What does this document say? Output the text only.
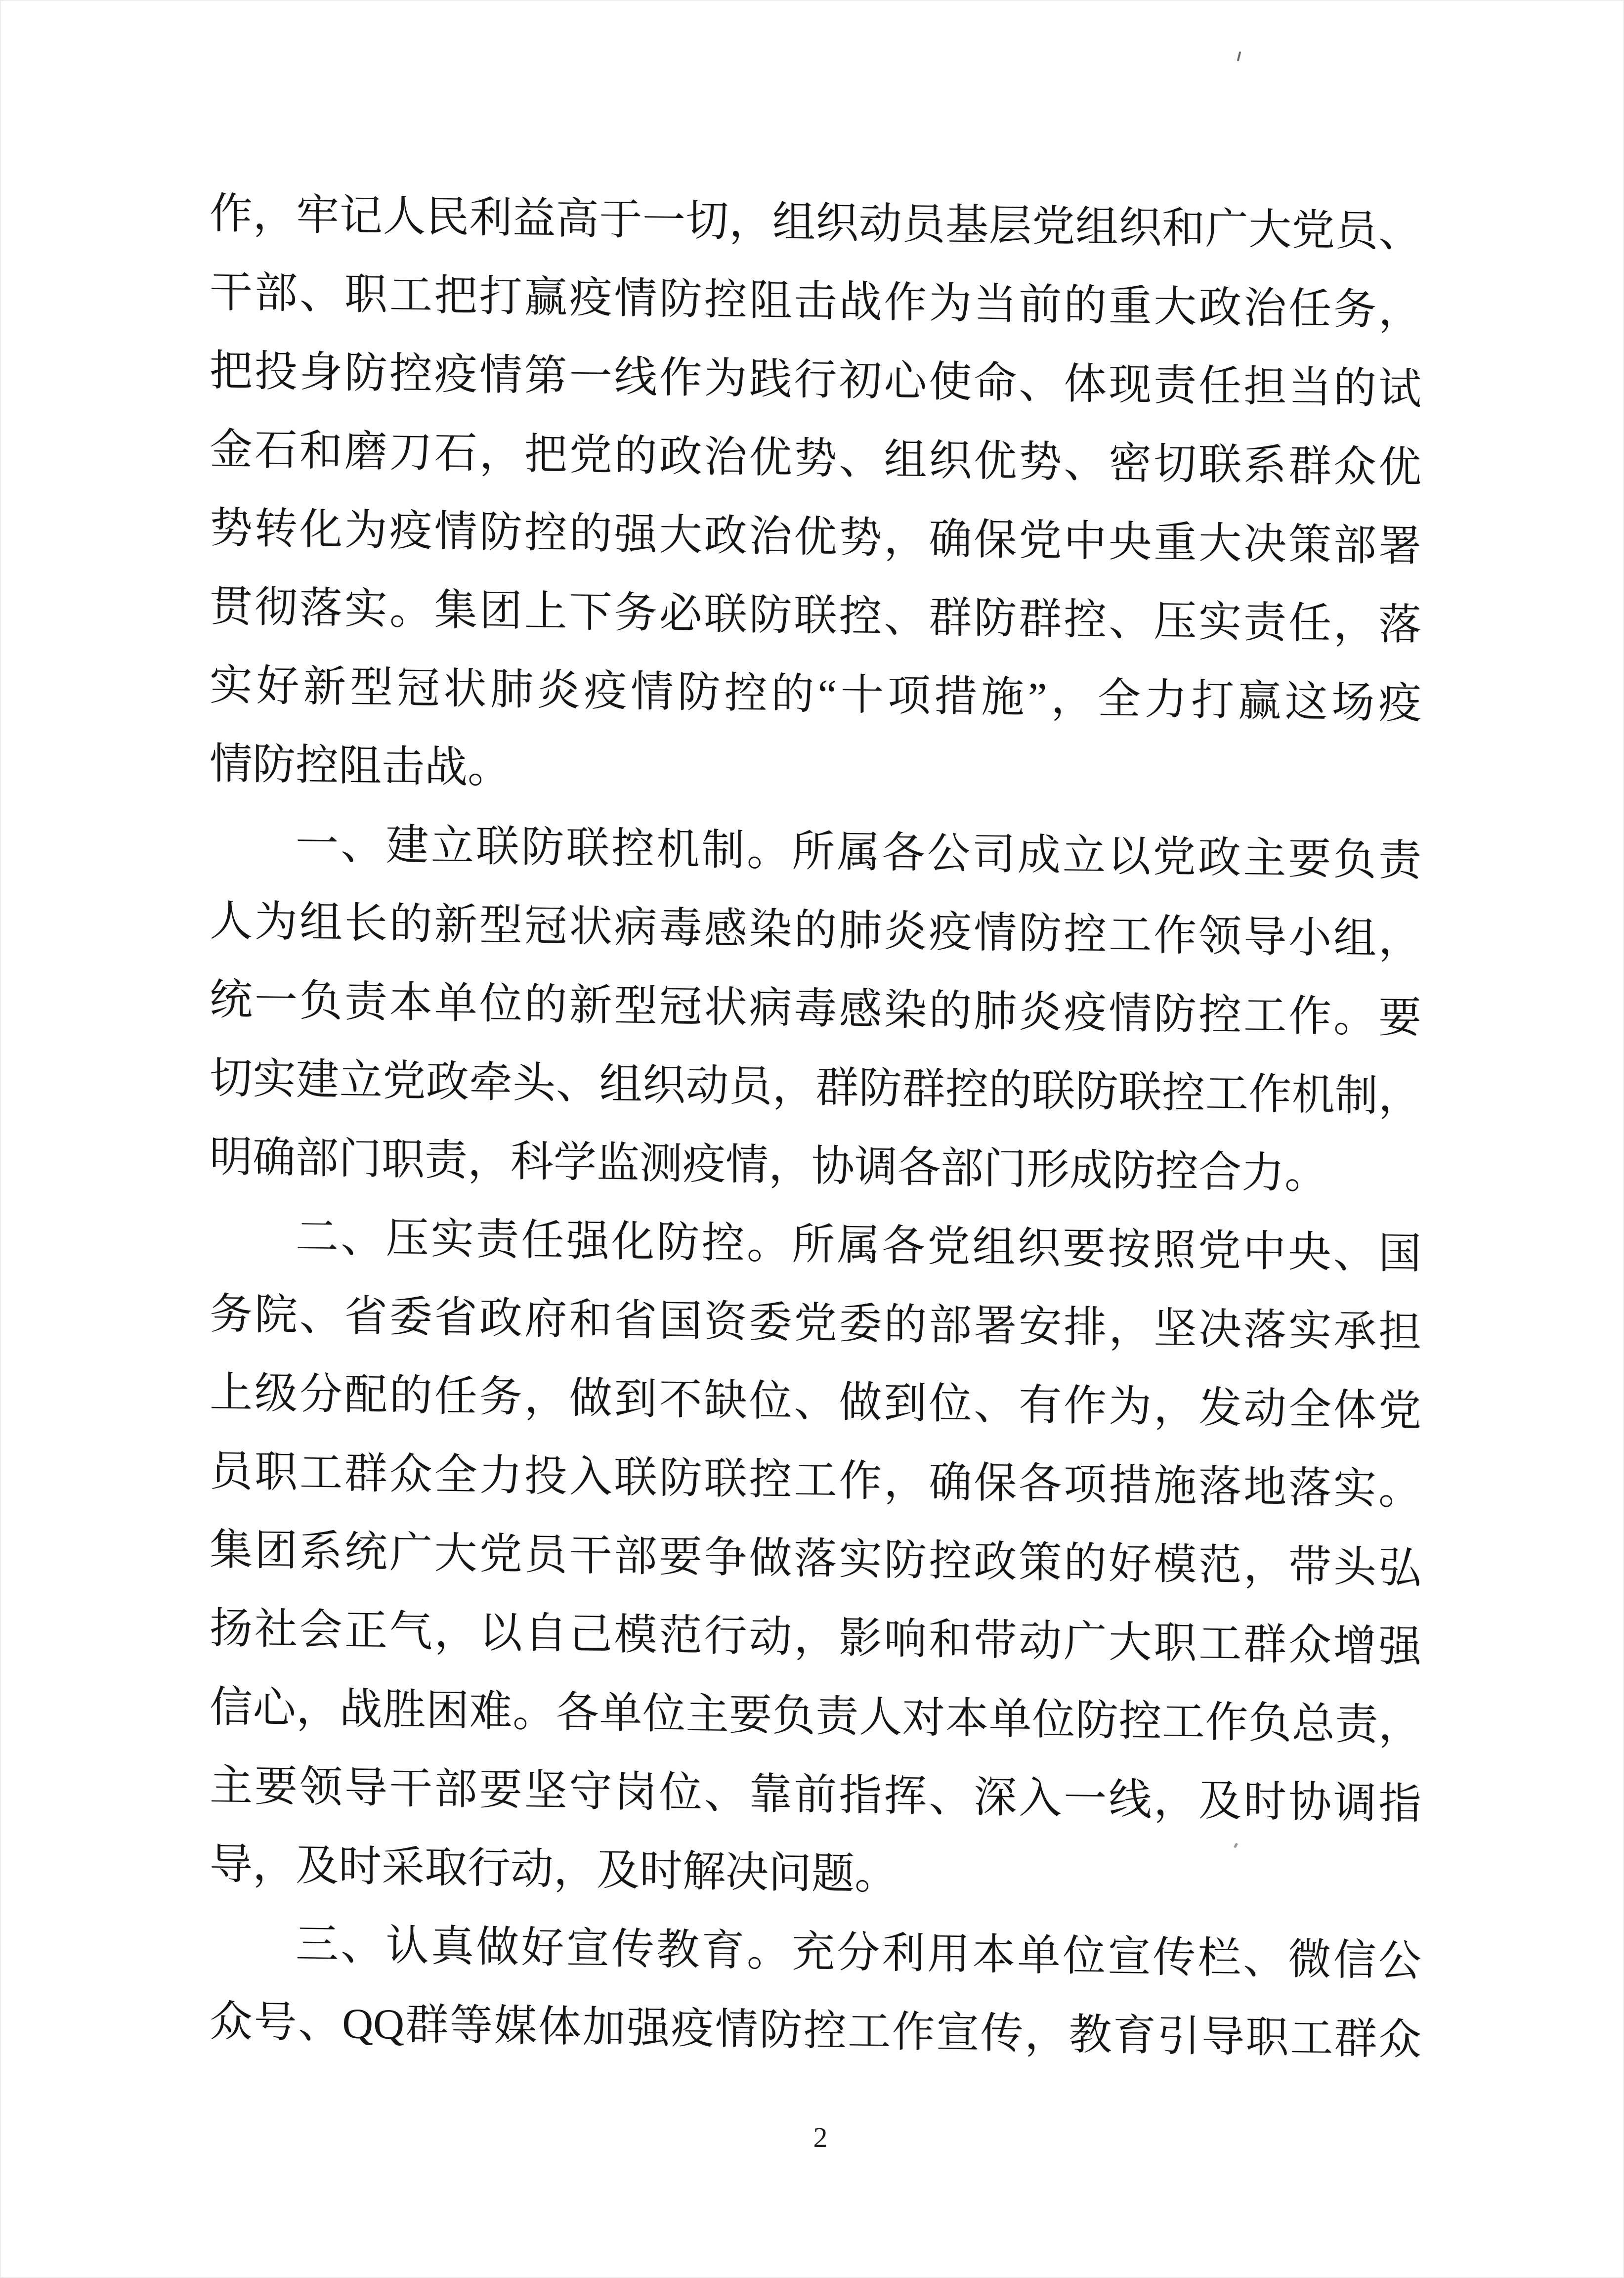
作，牢记人民利益高于一切，组织动员基层党组织和广大党员、
干部、职工把打赢疫情防控阻击战作为当前的重大政治任务，
把投身防控疫情第一线作为践行初心使命、体现责任担当的试
金石和磨刀石，把党的政治优势、组织优势、密切联系群众优
势转化为疫情防控的强大政治优势，确保党中央重大决策部署
贯彻落实。集团上下务必联防联控、群防群控、压实责任，落
实好新型冠状肺炎疫情防控的“十项措施”，全力打赢这场疫
情防控阻击战。
一、建立联防联控机制。所属各公司成立以党政主要负责
人为组长的新型冠状病毒感染的肺炎疫情防控工作领导小组，
统一负责本单位的新型冠状病毒感染的肺炎疫情防控工作。要
切实建立党政牵头、组织动员，群防群控的联防联控工作机制，
明确部门职责，科学监测疫情，协调各部门形成防控合力。
二、压实责任强化防控。所属各党组织要按照党中央、国
务院、省委省政府和省国资委党委的部署安排，坚决落实承担
上级分配的任务，做到不缺位、做到位、有作为，发动全体党
员职工群众全力投入联防联控工作，确保各项措施落地落实。
集团系统广大党员干部要争做落实防控政策的好模范，带头弘
扬社会正气，以自己模范行动，影响和带动广大职工群众增强
信心，战胜困难。各单位主要负责人对本单位防控工作负总责，
主要领导干部要坚守岗位、靠前指挥、深入一线，及时协调指
导，及时采取行动，及时解决问题。
三、认真做好宣传教育。充分利用本单位宣传栏、微信公
众号、QQ群等媒体加强疫情防控工作宣传，教育引导职工群众
2
